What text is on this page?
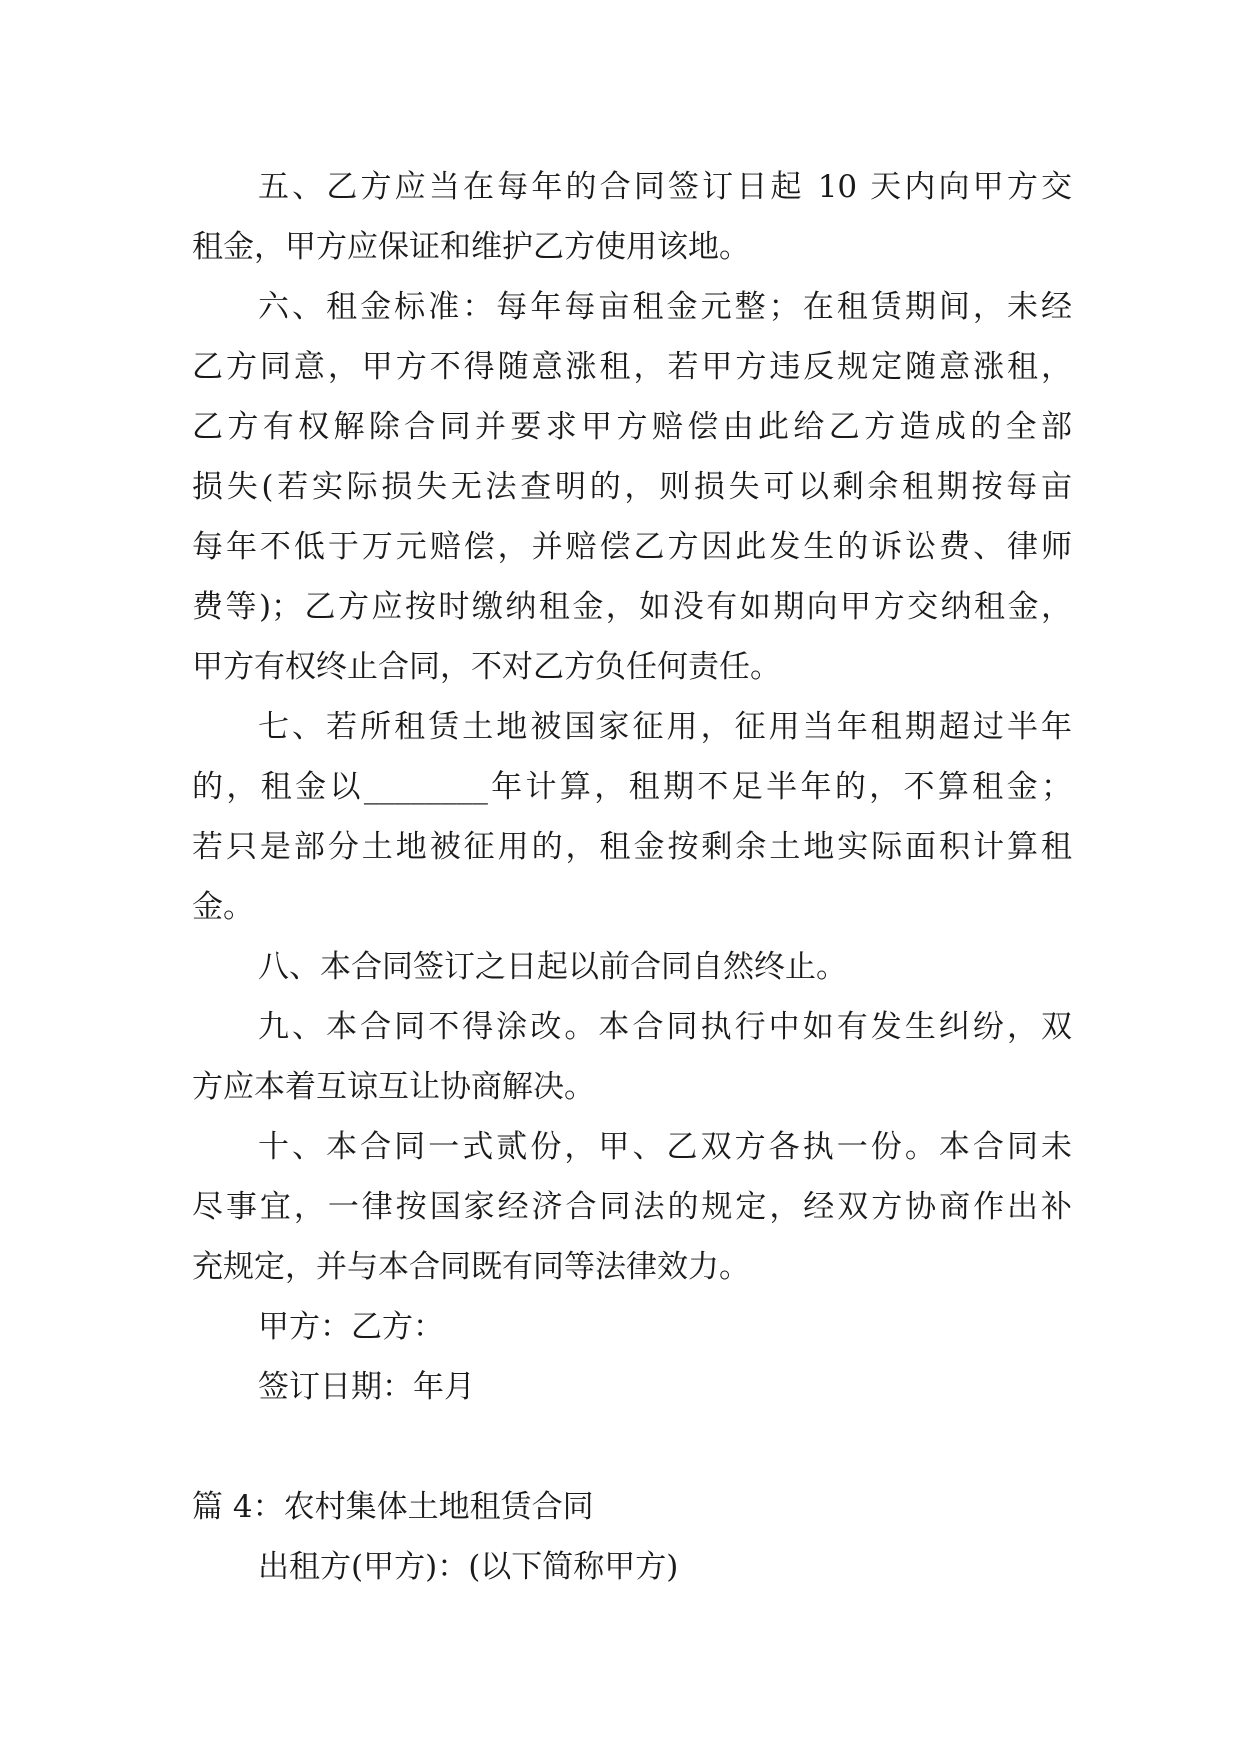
五、乙方应当在每年的合同签订日起 10 天内向甲方交
租金，甲方应保证和维护乙方使用该地。
六、租金标准：每年每亩租金元整；在租赁期间，未经
乙方同意，甲方不得随意涨租，若甲方违反规定随意涨租，
乙方有权解除合同并要求甲方赔偿由此给乙方造成的全部
损失(若实际损失无法查明的，则损失可以剩余租期按每亩
每年不低于万元赔偿，并赔偿乙方因此发生的诉讼费、律师
费等)；乙方应按时缴纳租金，如没有如期向甲方交纳租金，
甲方有权终止合同，不对乙方负任何责任。
七、若所租赁土地被国家征用，征用当年租期超过半年
的，租金以________年计算，租期不足半年的，不算租金；
若只是部分土地被征用的，租金按剩余土地实际面积计算租
金。
八、本合同签订之日起以前合同自然终止。
九、本合同不得涂改。本合同执行中如有发生纠纷，双
方应本着互谅互让协商解决。
十、本合同一式贰份，甲、乙双方各执一份。本合同未
尽事宜，一律按国家经济合同法的规定，经双方协商作出补
充规定，并与本合同既有同等法律效力。
甲方：乙方：
签订日期：年月
篇 4：农村集体土地租赁合同
出租方(甲方)：(以下简称甲方)
